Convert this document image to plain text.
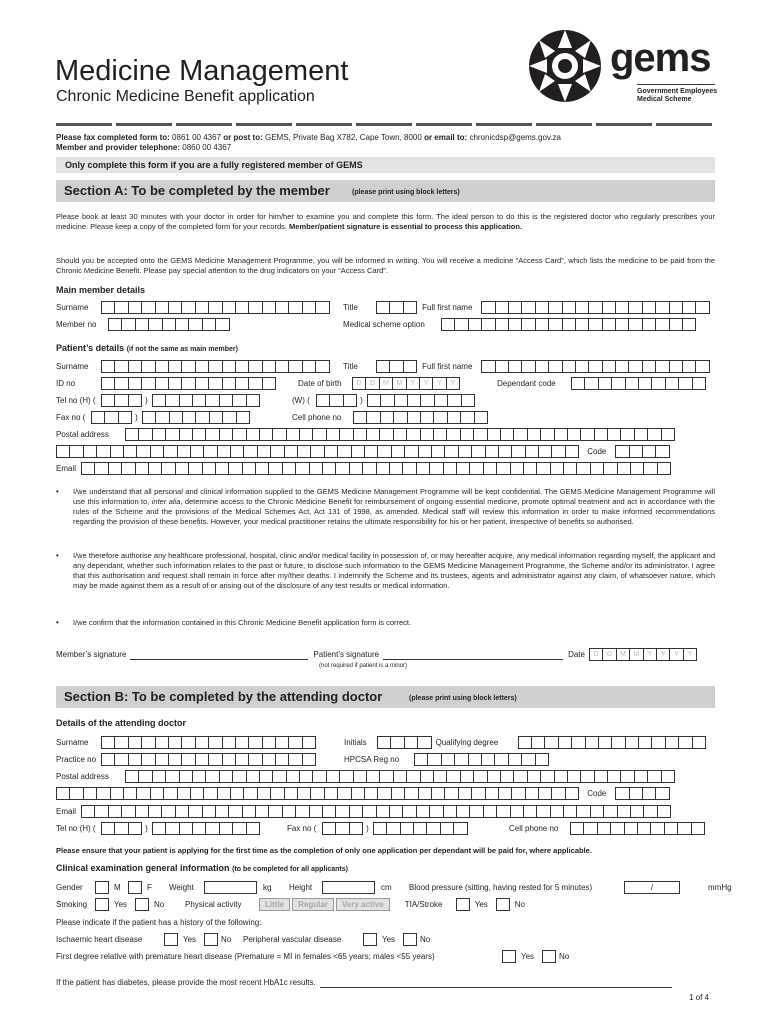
gems
Government Employees
Medical Scheme
Medicine Management
Chronic Medicine Benefit application
Please fax completed form to: 0861 00 4367 or post to: GEMS, Private Bag X782, Cape Town, 8000 or email to: chronicdsp@gems.gov.za
Member and provider telephone: 0860 00 4367
Only complete this form if you are a fully registered member of GEMS
Section A: To be completed by the member	(please print using block letters)

Please book at least 30 minutes with your doctor in order for him/her to examine you and complete this form. The ideal person to do this is the registered doctor who regularly prescribes your medicine. Please keep a copy of the completed form for your records. Member/patient signature is essential to process this application.

Should you be accepted onto the GEMS Medicine Management Programme, you will be informed in writing. You will receive a medicine “Access Card”, which lists the medicine to be paid from the Chronic Medicine Benefit. Please pay special attention to the drug indicators on your “Access Card”.

Main member details
Surname	Title	Full first name
Member no	Medical scheme option
Patient’s details (if not the same as main member)
Surname	Title	Full first name
ID no	Date of birth	D	D	M	M	Y	Y	Y	Y	Dependant code
Tel no (H) (	)	(W) (	)
Fax no (	)	Cell phone no
Postal address
Code
Email
• I/we understand that all personal and clinical information supplied to the GEMS Medicine Management Programme will be kept confidential. The GEMS Medicine Management Programme will use this information to, inter alia, determine access to the Chronic Medicine Benefit for reimbursement of ongoing essential medicine, promote optimal treatment and act in accordance with the rules of the Scheme and the provisions of the Medical Schemes Act, Act 131 of 1998, as amended. Medical staff will review this information in order to make informed recommendations regarding the provision of these benefits. However, your medical practitioner retains the ultimate responsibility for his or her patient, irrespective of benefits so authorised.

• I/we therefore authorise any healthcare professional, hospital, clinic and/or medical facility in possession of, or may hereafter acquire, any medical information regarding myself, the applicant and any dependant, whether such information relates to the past or future, to disclose such information to the GEMS Medicine Management Programme, the Scheme and/or its administrator. I agree that this authorisation and request shall remain in force after my/their deaths. I indemnify the Scheme and its trustees, agents and administrator against any claim, of whatsoever nature, which may be made against them as a result of or arising out of the disclosure of any test results or medical information.

• I/we confirm that the information contained in this Chronic Medicine Benefit application form is correct.

Member’s signature	Patient’s signature	Date	D	D	M	M	Y	Y	Y	Y
(not required if patient is a minor)
Section B: To be completed by the attending doctor	(please print using block letters)
Details of the attending doctor
Surname	Initials	Qualifying degree
Practice no	HPCSA Reg no
Postal address
Code
Email
Tel no (H) (	)	Fax no (	)	Cell phone no
Please ensure that your patient is applying for the first time as the completion of only one application per dependant will be paid for, where applicable.
Clinical examination general information (to be completed for all applicants)
Gender	M	F	Weight	kg	Height	cm	Blood pressure (sitting, having rested for 5 minutes)	/	mmHg
Smoking	Yes	No	Physical activity	Little	Regular	Very active	TIA/Stroke	Yes	No
Please indicate if the patient has a history of the following:
Ischaemic heart disease	Yes	No	Peripheral vascular disease	Yes	No
First degree relative with premature heart disease (Premature = MI in females <65 years; males <55 years)	Yes	No
If the patient has diabetes, please provide the most recent HbA1c results.
1 of 4
